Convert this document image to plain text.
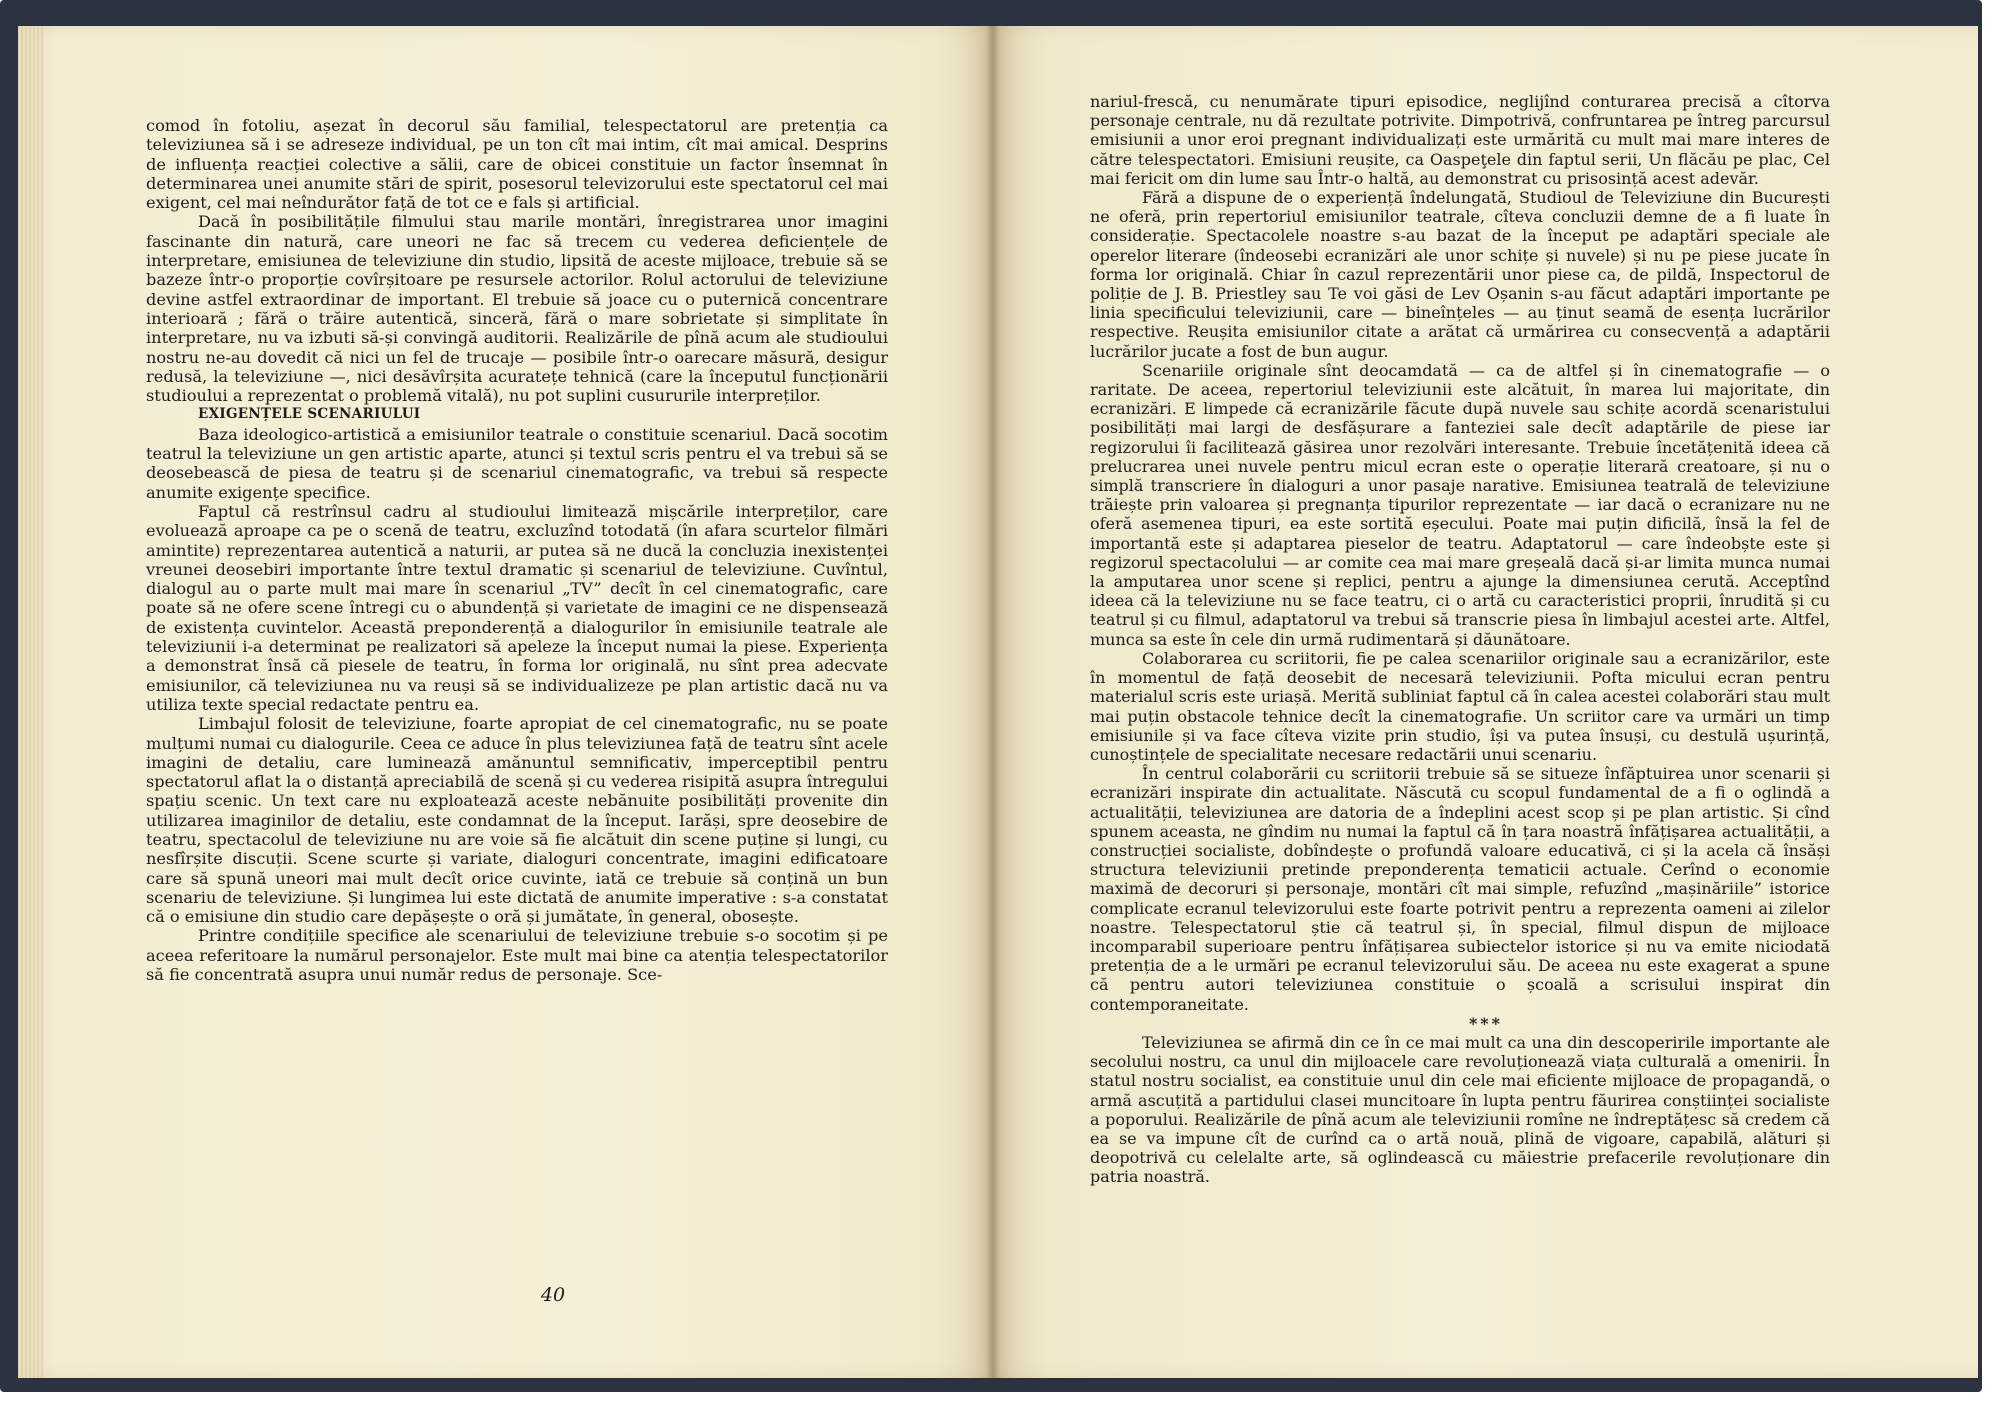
comod în fotoliu, așezat în decorul său familial, telespectatorul are pretenția ca televiziunea să i se adreseze individual, pe un ton cît mai intim, cît mai amical. Desprins de influența reacției colective a sălii, care de obicei constituie un factor însemnat în determinarea unei anumite stări de spirit, posesorul televizorului este spectatorul cel mai exigent, cel mai neîndurător față de tot ce e fals și artificial.

Dacă în posibilitățile filmului stau marile montări, înregistrarea unor imagini fascinante din natură, care uneori ne fac să trecem cu vederea deficiențele de interpretare, emisiunea de televiziune din studio, lipsită de aceste mijloace, trebuie să se bazeze într-o proporție covîrșitoare pe resursele actorilor. Rolul actorului de televiziune devine astfel extraordinar de important. El trebuie să joace cu o puternică concentrare interioară ; fără o trăire autentică, sinceră, fără o mare sobrietate și simplitate în interpretare, nu va izbuti să-și convingă auditorii. Realizările de pînă acum ale studioului nostru ne-au dovedit că nici un fel de trucaje — posibile într-o oarecare măsură, desigur redusă, la televiziune —, nici desăvîrșita acuratețe tehnică (care la începutul funcționării studioului a reprezentat o problemă vitală), nu pot suplini cusururile interpreților.

EXIGENȚELE SCENARIULUI

Baza ideologico-artistică a emisiunilor teatrale o constituie scenariul. Dacă socotim teatrul la televiziune un gen artistic aparte, atunci și textul scris pentru el va trebui să se deosebească de piesa de teatru și de scenariul cinematografic, va trebui să respecte anumite exigențe specifice.

Faptul că restrînsul cadru al studioului limitează mișcările interpreților, care evoluează aproape ca pe o scenă de teatru, excluzînd totodată (în afara scurtelor filmări amintite) reprezentarea autentică a naturii, ar putea să ne ducă la concluzia inexistenței vreunei deosebiri importante între textul dramatic și scenariul de televiziune. Cuvîntul, dialogul au o parte mult mai mare în scenariul „TV” decît în cel cinematografic, care poate să ne ofere scene întregi cu o abundență și varietate de imagini ce ne dispensează de existența cuvintelor. Această preponderență a dialogurilor în emisiunile teatrale ale televiziunii i-a determinat pe realizatori să apeleze la început numai la piese. Experiența a demonstrat însă că piesele de teatru, în forma lor originală, nu sînt prea adecvate emisiunilor, că televiziunea nu va reuși să se individualizeze pe plan artistic dacă nu va utiliza texte special redactate pentru ea.

Limbajul folosit de televiziune, foarte apropiat de cel cinematografic, nu se poate mulțumi numai cu dialogurile. Ceea ce aduce în plus televiziunea față de teatru sînt acele imagini de detaliu, care luminează amănuntul semnificativ, imperceptibil pentru spectatorul aflat la o distanță apreciabilă de scenă și cu vederea risipită asupra întregului spațiu scenic. Un text care nu exploatează aceste nebănuite posibilități provenite din utilizarea imaginilor de detaliu, este condamnat de la început. Iarăși, spre deosebire de teatru, spectacolul de televiziune nu are voie să fie alcătuit din scene puține și lungi, cu nesfîrșite discuții. Scene scurte și variate, dialoguri concentrate, imagini edificatoare care să spună uneori mai mult decît orice cuvinte, iată ce trebuie să conțină un bun scenariu de televiziune. Și lungimea lui este dictată de anumite imperative : s-a constatat că o emisiune din studio care depășește o oră și jumătate, în general, obosește.

Printre condițiile specifice ale scenariului de televiziune trebuie s-o socotim și pe aceea referitoare la numărul personajelor. Este mult mai bine ca atenția telespectatorilor să fie concentrată asupra unui număr redus de personaje. Sce-

40

nariul-frescă, cu nenumărate tipuri episodice, neglijînd conturarea precisă a cîtorva personaje centrale, nu dă rezultate potrivite. Dimpotrivă, confruntarea pe întreg parcursul emisiunii a unor eroi pregnant individualizați este urmărită cu mult mai mare interes de către telespectatori. Emisiuni reușite, ca Oaspeţele din faptul serii, Un flăcău pe plac, Cel mai fericit om din lume sau Într-o haltă, au demonstrat cu prisosință acest adevăr.

Fără a dispune de o experiență îndelungată, Studioul de Televiziune din București ne oferă, prin repertoriul emisiunilor teatrale, cîteva concluzii demne de a fi luate în considerație. Spectacolele noastre s-au bazat de la început pe adaptări speciale ale operelor literare (îndeosebi ecranizări ale unor schițe și nuvele) și nu pe piese jucate în forma lor originală. Chiar în cazul reprezentării unor piese ca, de pildă, Inspectorul de poliție de J. B. Priestley sau Te voi găsi de Lev Oșanin s-au făcut adaptări importante pe linia specificului televiziunii, care — bineînțeles — au ținut seamă de esența lucrărilor respective. Reușita emisiunilor citate a arătat că urmărirea cu consecvență a adaptării lucrărilor jucate a fost de bun augur.

Scenariile originale sînt deocamdată — ca de altfel și în cinematografie — o raritate. De aceea, repertoriul televiziunii este alcătuit, în marea lui majoritate, din ecranizări. E limpede că ecranizările făcute după nuvele sau schițe acordă scenaristului posibilități mai largi de desfășurare a fanteziei sale decît adaptările de piese iar regizorului îi facilitează găsirea unor rezolvări interesante. Trebuie încetățenită ideea că prelucrarea unei nuvele pentru micul ecran este o operație literară creatoare, și nu o simplă transcriere în dialoguri a unor pasaje narative. Emisiunea teatrală de televiziune trăiește prin valoarea și pregnanța tipurilor reprezentate — iar dacă o ecranizare nu ne oferă asemenea tipuri, ea este sortită eșecului. Poate mai puțin dificilă, însă la fel de importantă este și adaptarea pieselor de teatru. Adaptatorul — care îndeobște este și regizorul spectacolului — ar comite cea mai mare greșeală dacă și-ar limita munca numai la amputarea unor scene și replici, pentru a ajunge la dimensiunea cerută. Acceptînd ideea că la televiziune nu se face teatru, ci o artă cu caracteristici proprii, înrudită și cu teatrul și cu filmul, adaptatorul va trebui să transcrie piesa în limbajul acestei arte. Altfel, munca sa este în cele din urmă rudimentară și dăunătoare.

Colaborarea cu scriitorii, fie pe calea scenariilor originale sau a ecranizărilor, este în momentul de față deosebit de necesară televiziunii. Pofta micului ecran pentru materialul scris este uriașă. Merită subliniat faptul că în calea acestei colaborări stau mult mai puțin obstacole tehnice decît la cinematografie. Un scriitor care va urmări un timp emisiunile și va face cîteva vizite prin studio, își va putea însuși, cu destulă ușurință, cunoștințele de specialitate necesare redactării unui scenariu.

În centrul colaborării cu scriitorii trebuie să se situeze înfăptuirea unor scenarii și ecranizări inspirate din actualitate. Născută cu scopul fundamental de a fi o oglindă a actualității, televiziunea are datoria de a îndeplini acest scop și pe plan artistic. Și cînd spunem aceasta, ne gîndim nu numai la faptul că în țara noastră înfățișarea actualității, a construcției socialiste, dobîndește o profundă valoare educativă, ci și la acela că însăși structura televiziunii pretinde preponderența tematicii actuale. Cerînd o economie maximă de decoruri și personaje, montări cît mai simple, refuzînd „mașinăriile” istorice complicate ecranul televizorului este foarte potrivit pentru a reprezenta oameni ai zilelor noastre. Telespectatorul știe că teatrul și, în special, filmul dispun de mijloace incomparabil superioare pentru înfățișarea subiectelor istorice și nu va emite niciodată pretenția de a le urmări pe ecranul televizorului său. De aceea nu este exagerat a spune că pentru autori televiziunea constituie o școală a scrisului inspirat din contemporaneitate.

***

Televiziunea se afirmă din ce în ce mai mult ca una din descoperirile importante ale secolului nostru, ca unul din mijloacele care revoluționează viața culturală a omenirii. În statul nostru socialist, ea constituie unul din cele mai eficiente mijloace de propagandă, o armă ascuțită a partidului clasei muncitoare în lupta pentru făurirea conștiinței socialiste a poporului. Realizările de pînă acum ale televiziunii romîne ne îndreptățesc să credem că ea se va impune cît de curînd ca o artă nouă, plină de vigoare, capabilă, alături și deopotrivă cu celelalte arte, să oglindească cu măiestrie prefacerile revoluționare din patria noastră.
